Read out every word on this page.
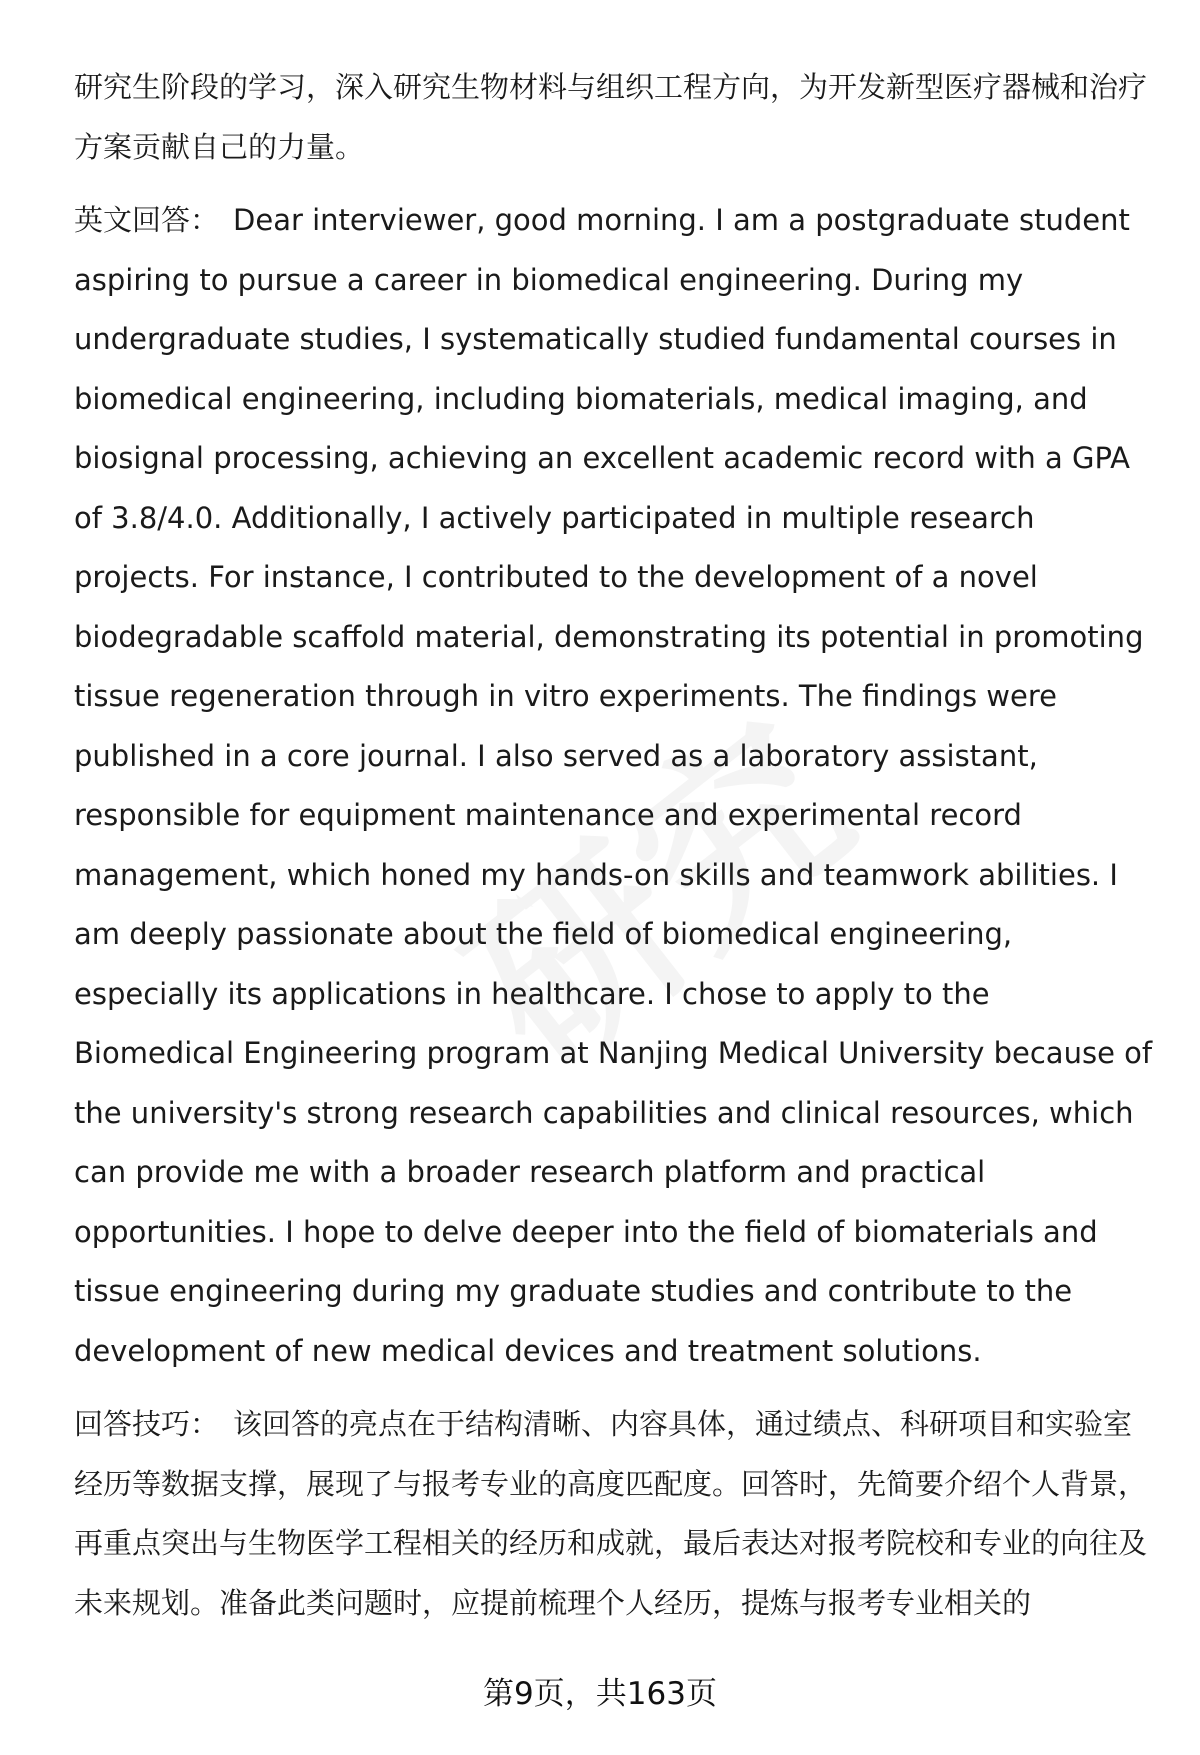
研究生阶段的学习，深入研究生物材料与组织工程方向，为开发新型医疗器械和治疗方案贡献自己的力量。

英文回答： Dear interviewer, good morning. I am a postgraduate student aspiring to pursue a career in biomedical engineering. During my undergraduate studies, I systematically studied fundamental courses in biomedical engineering, including biomaterials, medical imaging, and biosignal processing, achieving an excellent academic record with a GPA of 3.8/4.0. Additionally, I actively participated in multiple research projects. For instance, I contributed to the development of a novel biodegradable scaffold material, demonstrating its potential in promoting tissue regeneration through in vitro experiments. The findings were published in a core journal. I also served as a laboratory assistant, responsible for equipment maintenance and experimental record management, which honed my hands-on skills and teamwork abilities. I am deeply passionate about the field of biomedical engineering, especially its applications in healthcare. I chose to apply to the Biomedical Engineering program at Nanjing Medical University because of the university's strong research capabilities and clinical resources, which can provide me with a broader research platform and practical opportunities. I hope to delve deeper into the field of biomaterials and tissue engineering during my graduate studies and contribute to the development of new medical devices and treatment solutions.

回答技巧： 该回答的亮点在于结构清晰、内容具体，通过绩点、科研项目和实验室经历等数据支撑，展现了与报考专业的高度匹配度。回答时，先简要介绍个人背景，再重点突出与生物医学工程相关的经历和成就，最后表达对报考院校和专业的向往及未来规划。准备此类问题时，应提前梳理个人经历，提炼与报考专业相关的

第9页，共163页
